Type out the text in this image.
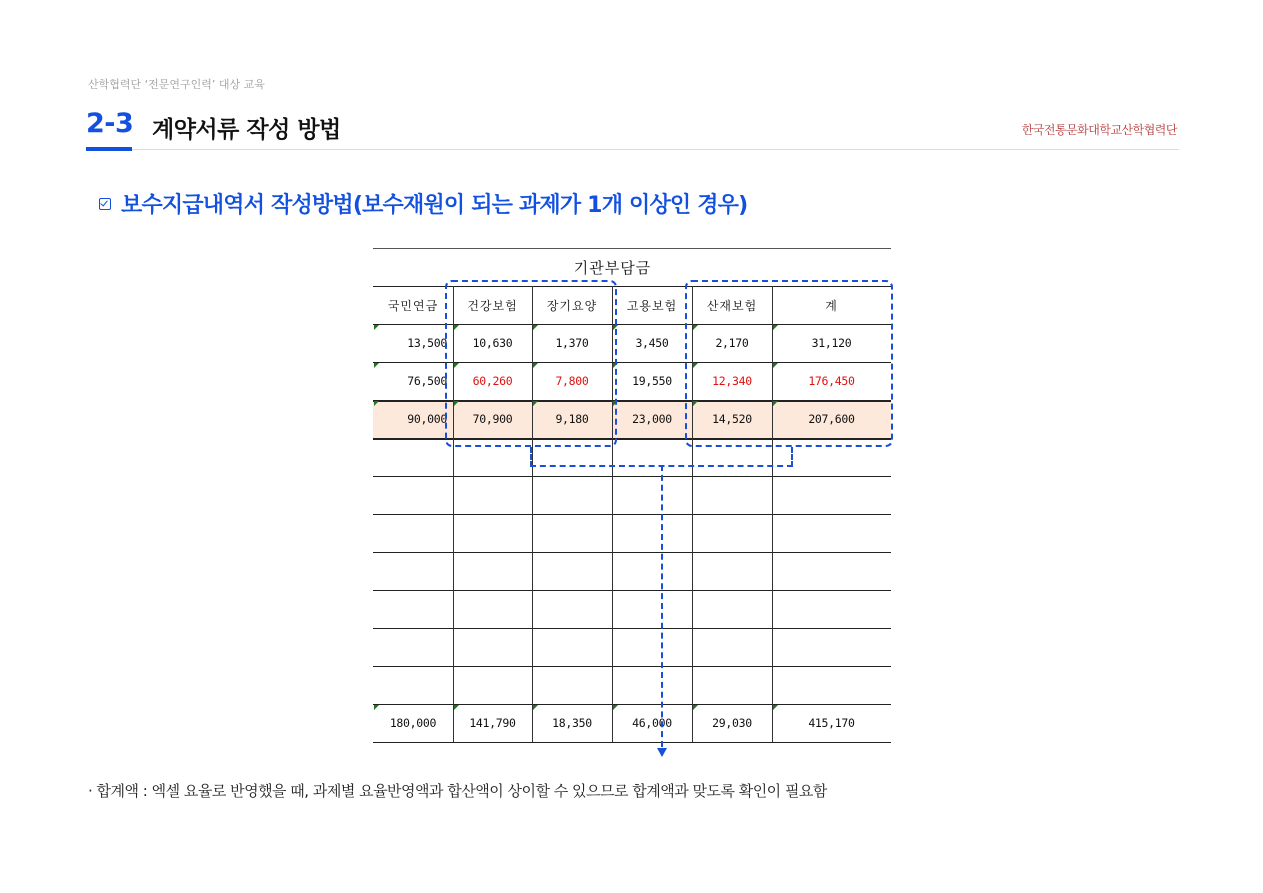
산학협력단 ‘전문연구인력’ 대상 교육
2-3 계약서류 작성 방법	한국전통문화대학교산학협력단
보수지급내역서 작성방법(보수재원이 되는 과제가 1개 이상인 경우)
기관부담금
국민연금	건강보험	장기요양	고용보험	산재보험	계
13,500	10,630	1,370	3,450	2,170	31,120
76,500	60,260	7,800	19,550	12,340	176,450
90,000	70,900	9,180	23,000	14,520	207,600
180,000	141,790	18,350	46,000	29,030	415,170
· 합계액 : 엑셀 요율로 반영했을 때, 과제별 요율반영액과 합산액이 상이할 수 있으므로 합계액과 맞도록 확인이 필요함
